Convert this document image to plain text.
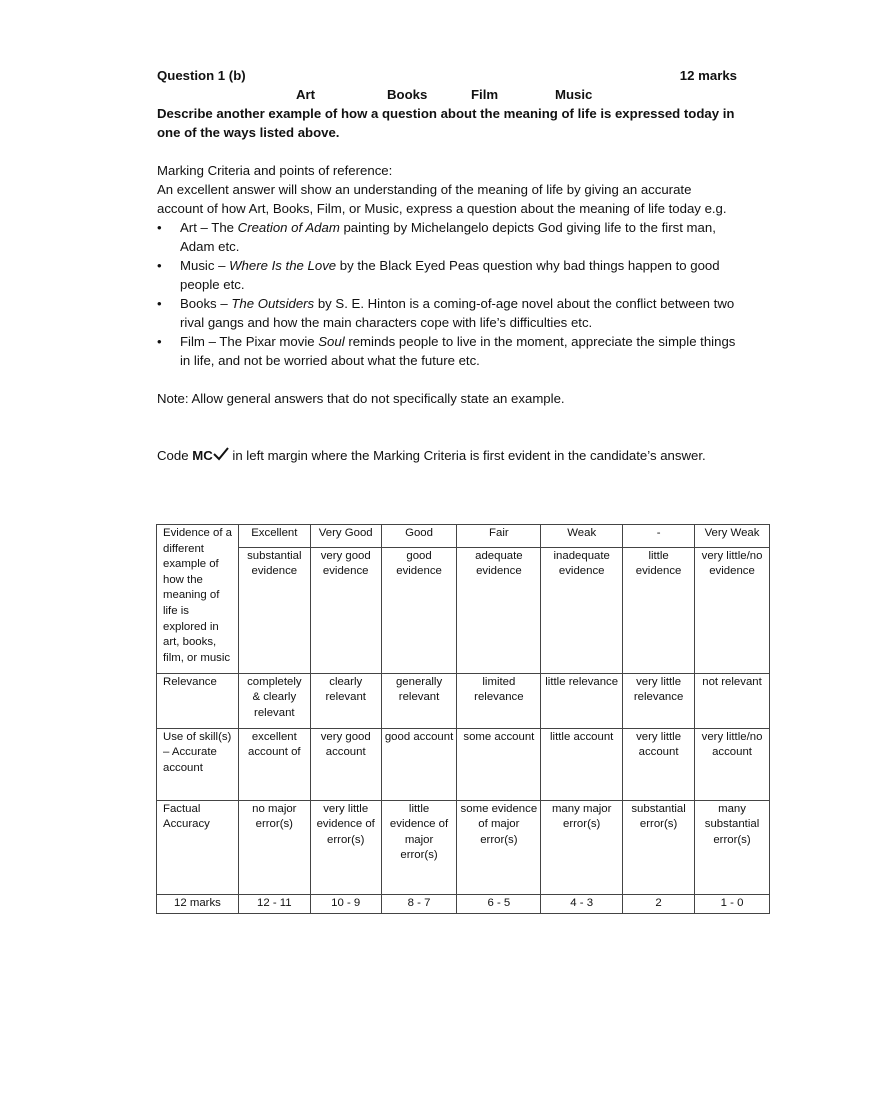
Question 1 (b)	12 marks
Art	Books	Film	Music
Describe another example of how a question about the meaning of life is expressed today in one of the ways listed above.
Marking Criteria and points of reference:
An excellent answer will show an understanding of the meaning of life by giving an accurate account of how Art, Books, Film, or Music, express a question about the meaning of life today e.g.
• Art – The Creation of Adam painting by Michelangelo depicts God giving life to the first man, Adam etc.
• Music – Where Is the Love by the Black Eyed Peas question why bad things happen to good people etc.
• Books – The Outsiders by S. E. Hinton is a coming-of-age novel about the conflict between two rival gangs and how the main characters cope with life’s difficulties etc.
• Film – The Pixar movie Soul reminds people to live in the moment, appreciate the simple things in life, and not be worried about what the future etc.
Note: Allow general answers that do not specifically state an example.
Code MC in left margin where the Marking Criteria is first evident in the candidate’s answer.
Evidence of a different example of how the meaning of life is explored in art, books, film, or music	Excellent	Very Good	Good	Fair	Weak	-	Very Weak
	substantial evidence	very good evidence	good evidence	adequate evidence	inadequate evidence	little evidence	very little/no evidence
Relevance	completely & clearly relevant	clearly relevant	generally relevant	limited relevance	little relevance	very little relevance	not relevant
Use of skill(s) – Accurate account	excellent account of	very good account	good account	some account	little account	very little account	very little/no account
Factual Accuracy	no major error(s)	very little evidence of error(s)	little evidence of major error(s)	some evidence of major error(s)	many major error(s)	substantial error(s)	many substantial error(s)
12 marks	12 - 11	10 - 9	8 - 7	6 - 5	4 - 3	2	1 - 0
